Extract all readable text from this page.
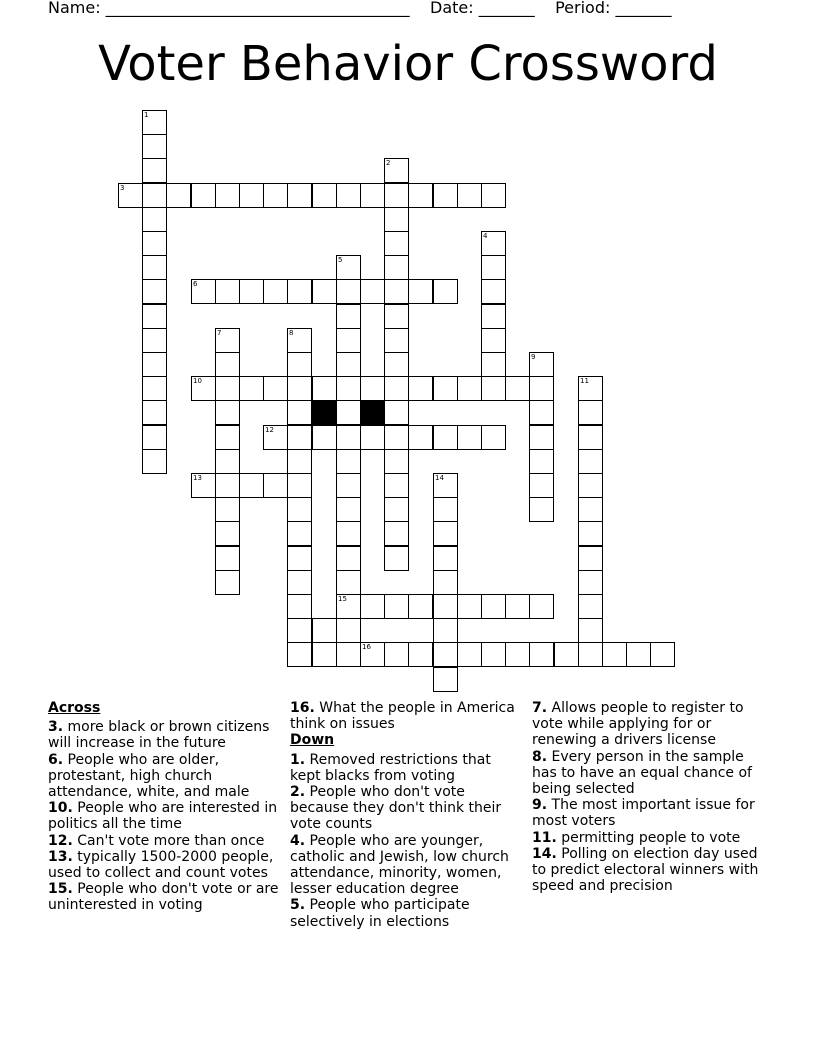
Name: ______________________________________    Date: _______    Period: _______
Voter Behavior Crossword
3
6
10
12
13
15
16
1
2
4
5
7	8
9
11
14
Across

3. more black or brown citizens will increase in the future

6. People who are older, protestant, high church attendance, white, and male

10. People who are interested in politics all the time

12. Can't vote more than once

13. typically 1500-2000 people, used to collect and count votes

15. People who don't vote or are uninterested in voting

16. What the people in America think on issues

Down

1. Removed restrictions that kept blacks from voting

2. People who don't vote because they don't think their vote counts

4. People who are younger, catholic and Jewish, low church attendance, minority, women, lesser education degree

5. People who participate selectively in elections

7. Allows people to register to vote while applying for or renewing a drivers license

8. Every person in the sample has to have an equal chance of being selected

9. The most important issue for most voters

11. permitting people to vote

14. Polling on election day used to predict electoral winners with speed and precision
